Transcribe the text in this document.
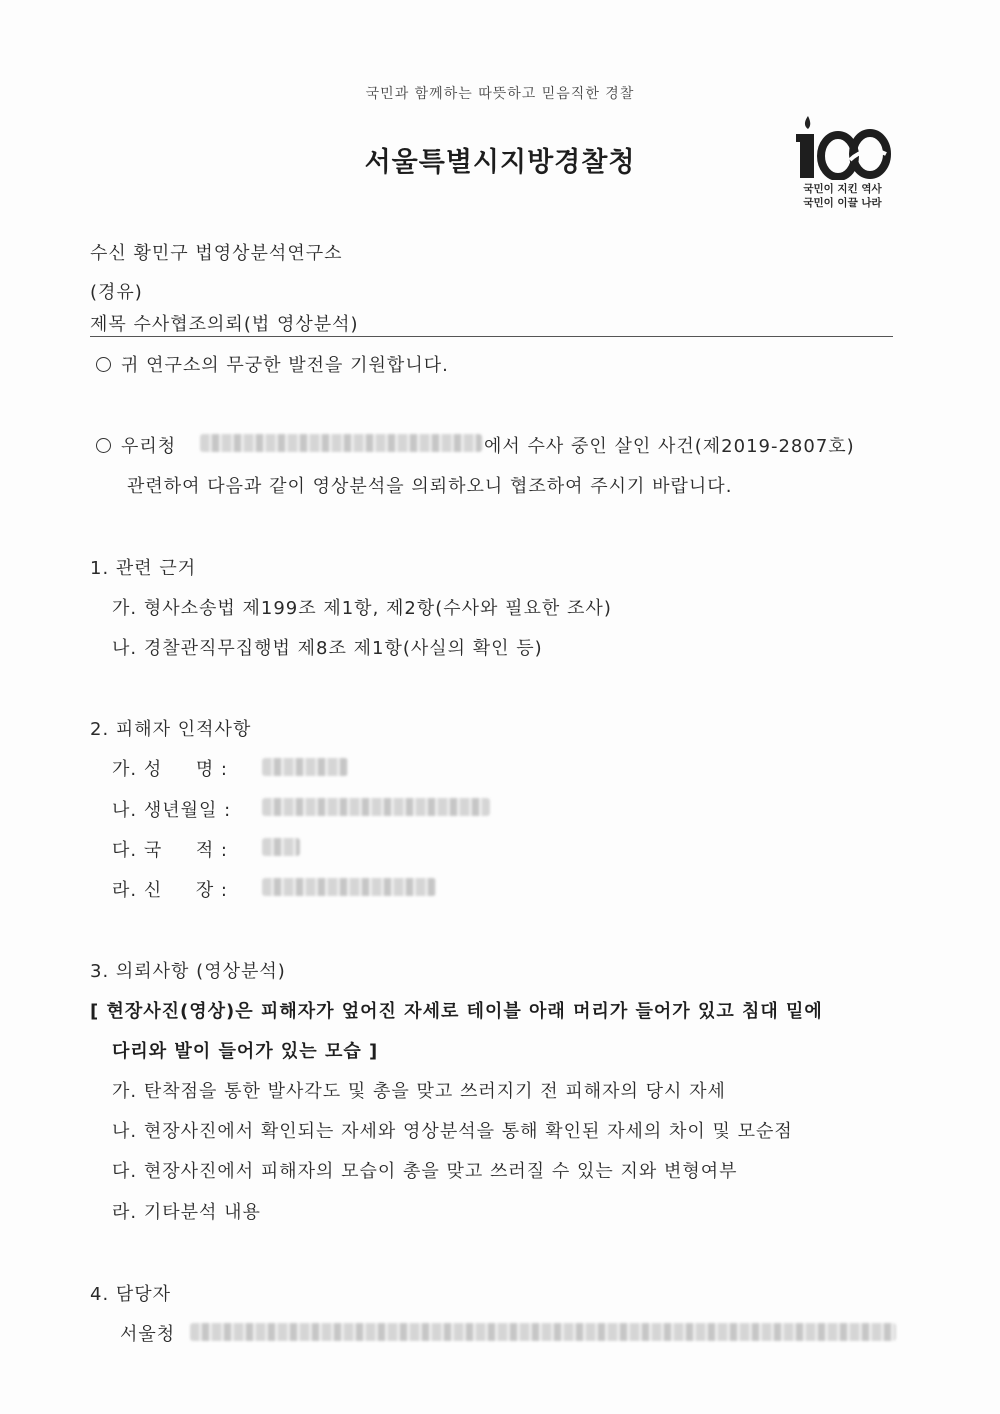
국민과 함께하는 따뜻하고 믿음직한 경찰
서울특별시지방경찰청
국민이 지킨 역사
국민이 이끌 나라
수신 황민구 법영상분석연구소
(경유)
제목 수사협조의뢰(법 영상분석)
귀 연구소의 무궁한 발전을 기원합니다.
우리청	에서 수사 중인 살인 사건(제2019-2807호)
관련하여 다음과 같이 영상분석을 의뢰하오니 협조하여 주시기 바랍니다.
1. 관련 근거
가. 형사소송법 제199조 제1항, 제2항(수사와 필요한 조사)
나. 경찰관직무집행법 제8조 제1항(사실의 확인 등)
2. 피해자 인적사항
가. 성     명 :
나. 생년월일 :
다. 국     적 :
라. 신     장 :
3. 의뢰사항 (영상분석)
[ 현장사진(영상)은 피해자가 엎어진 자세로 테이블 아래 머리가 들어가 있고 침대 밑에
다리와 발이 들어가 있는 모습 ]
가. 탄착점을 통한 발사각도 및 총을 맞고 쓰러지기 전 피해자의 당시 자세
나. 현장사진에서 확인되는 자세와 영상분석을 통해 확인된 자세의 차이 및 모순점
다. 현장사진에서 피해자의 모습이 총을 맞고 쓰러질 수 있는 지와 변형여부
라. 기타분석 내용
4. 담당자
서울청
